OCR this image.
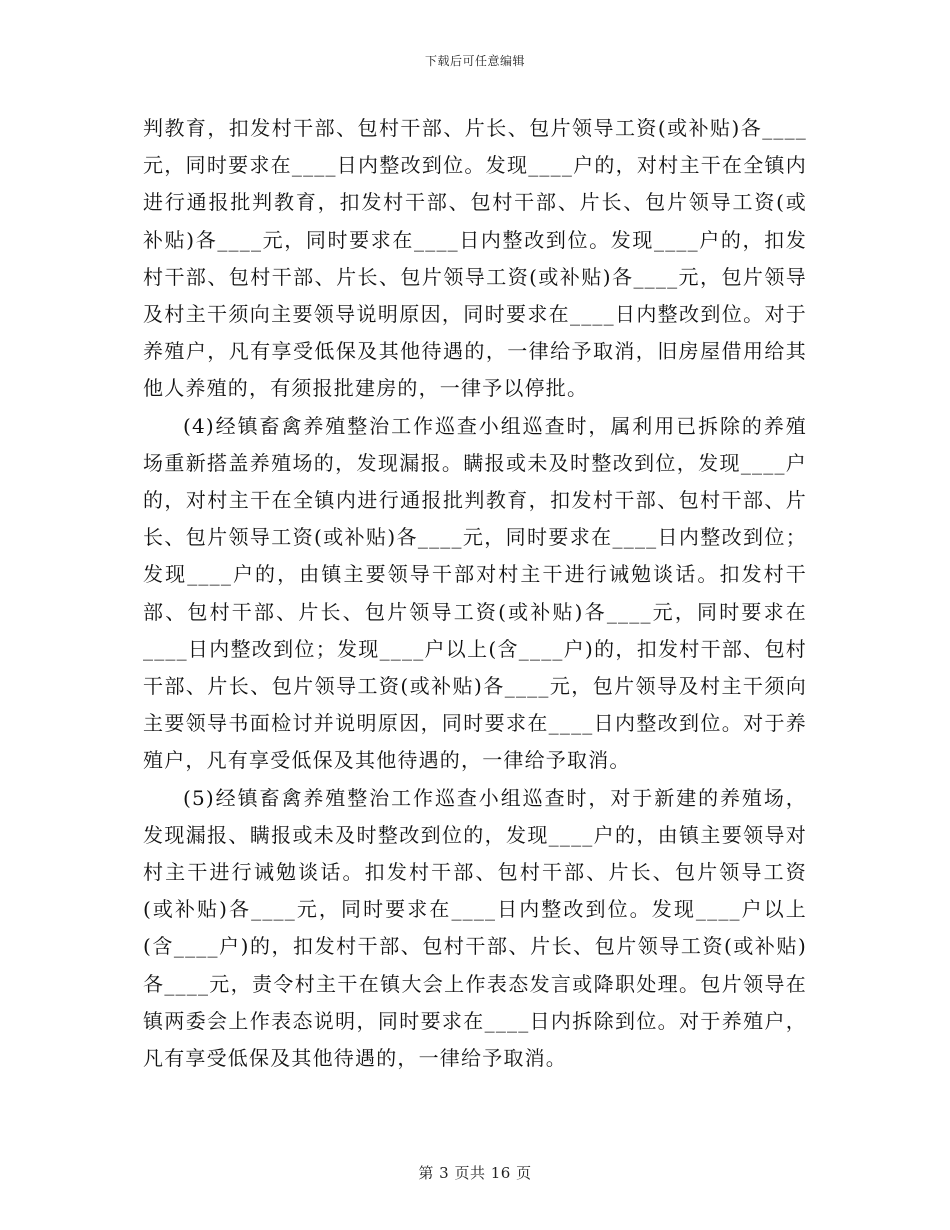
下载后可任意编辑

判教育，扣发村干部、包村干部、片长、包片领导工资(或补贴)各____元，同时要求在____日内整改到位。发现____户的，对村主干在全镇内进行通报批判教育，扣发村干部、包村干部、片长、包片领导工资(或补贴)各____元，同时要求在____日内整改到位。发现____户的，扣发村干部、包村干部、片长、包片领导工资(或补贴)各____元，包片领导及村主干须向主要领导说明原因，同时要求在____日内整改到位。对于养殖户，凡有享受低保及其他待遇的，一律给予取消，旧房屋借用给其他人养殖的，有须报批建房的，一律予以停批。

(4)经镇畜禽养殖整治工作巡查小组巡查时，属利用已拆除的养殖场重新搭盖养殖场的，发现漏报。瞒报或未及时整改到位，发现____户的，对村主干在全镇内进行通报批判教育，扣发村干部、包村干部、片长、包片领导工资(或补贴)各____元，同时要求在____日内整改到位；发现____户的，由镇主要领导干部对村主干进行诫勉谈话。扣发村干部、包村干部、片长、包片领导工资(或补贴)各____元，同时要求在____日内整改到位；发现____户以上(含____户)的，扣发村干部、包村干部、片长、包片领导工资(或补贴)各____元，包片领导及村主干须向主要领导书面检讨并说明原因，同时要求在____日内整改到位。对于养殖户，凡有享受低保及其他待遇的，一律给予取消。

(5)经镇畜禽养殖整治工作巡查小组巡查时，对于新建的养殖场，发现漏报、瞒报或未及时整改到位的，发现____户的，由镇主要领导对村主干进行诫勉谈话。扣发村干部、包村干部、片长、包片领导工资(或补贴)各____元，同时要求在____日内整改到位。发现____户以上(含____户)的，扣发村干部、包村干部、片长、包片领导工资(或补贴)各____元，责令村主干在镇大会上作表态发言或降职处理。包片领导在镇两委会上作表态说明，同时要求在____日内拆除到位。对于养殖户，凡有享受低保及其他待遇的，一律给予取消。

第 3 页共 16 页
